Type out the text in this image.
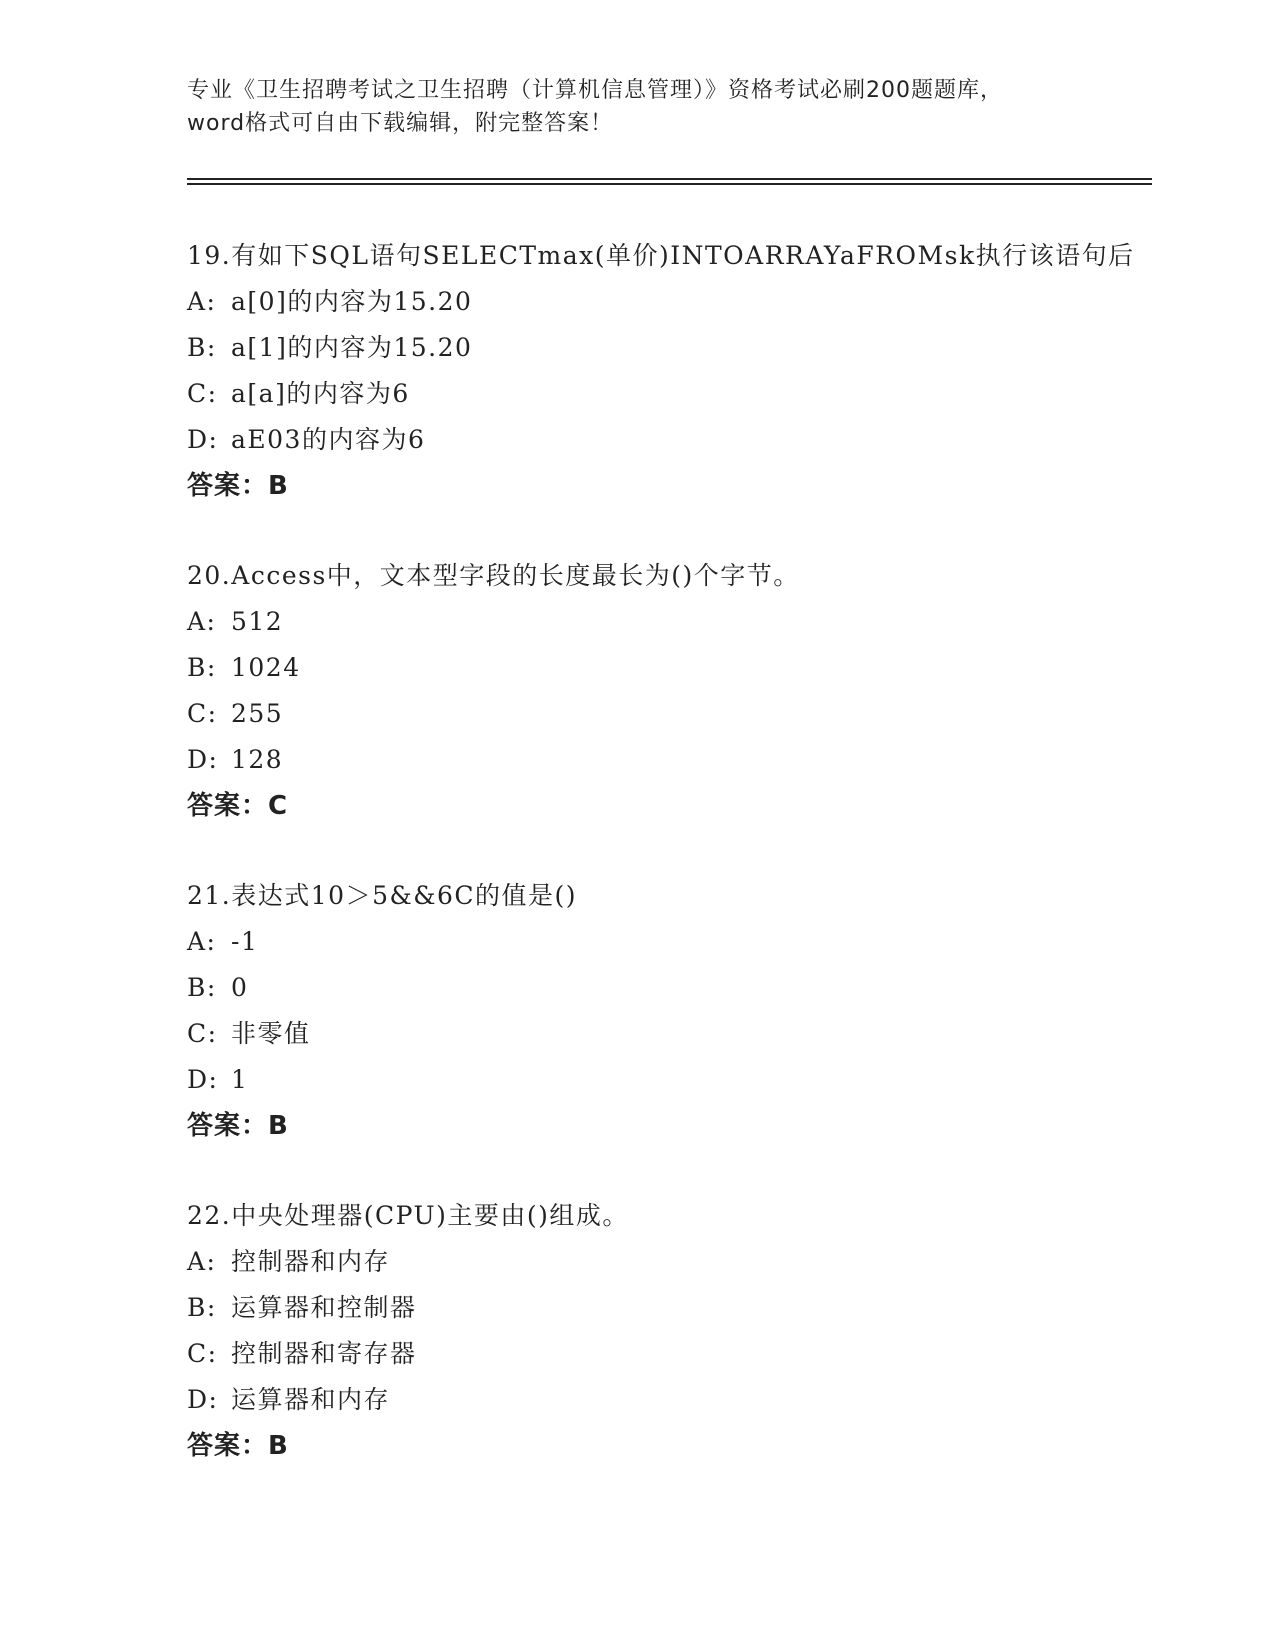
专业《卫生招聘考试之卫生招聘（计算机信息管理）》资格考试必刷200题题库，
word格式可自由下载编辑，附完整答案！
19.有如下SQL语句SELECTmax(单价)INTOARRAYaFROMsk执行该语句后
A: a[0]的内容为15.20
B: a[1]的内容为15.20
C: a[a]的内容为6
D: aE03的内容为6
答案：B
20.Access中，文本型字段的长度最长为()个字节。
A: 512
B: 1024
C: 255
D: 128
答案：C
21.表达式10＞5&&6C的值是()
A: -1
B: 0
C: 非零值
D: 1
答案：B
22.中央处理器(CPU)主要由()组成。
A: 控制器和内存
B: 运算器和控制器
C: 控制器和寄存器
D: 运算器和内存
答案：B
